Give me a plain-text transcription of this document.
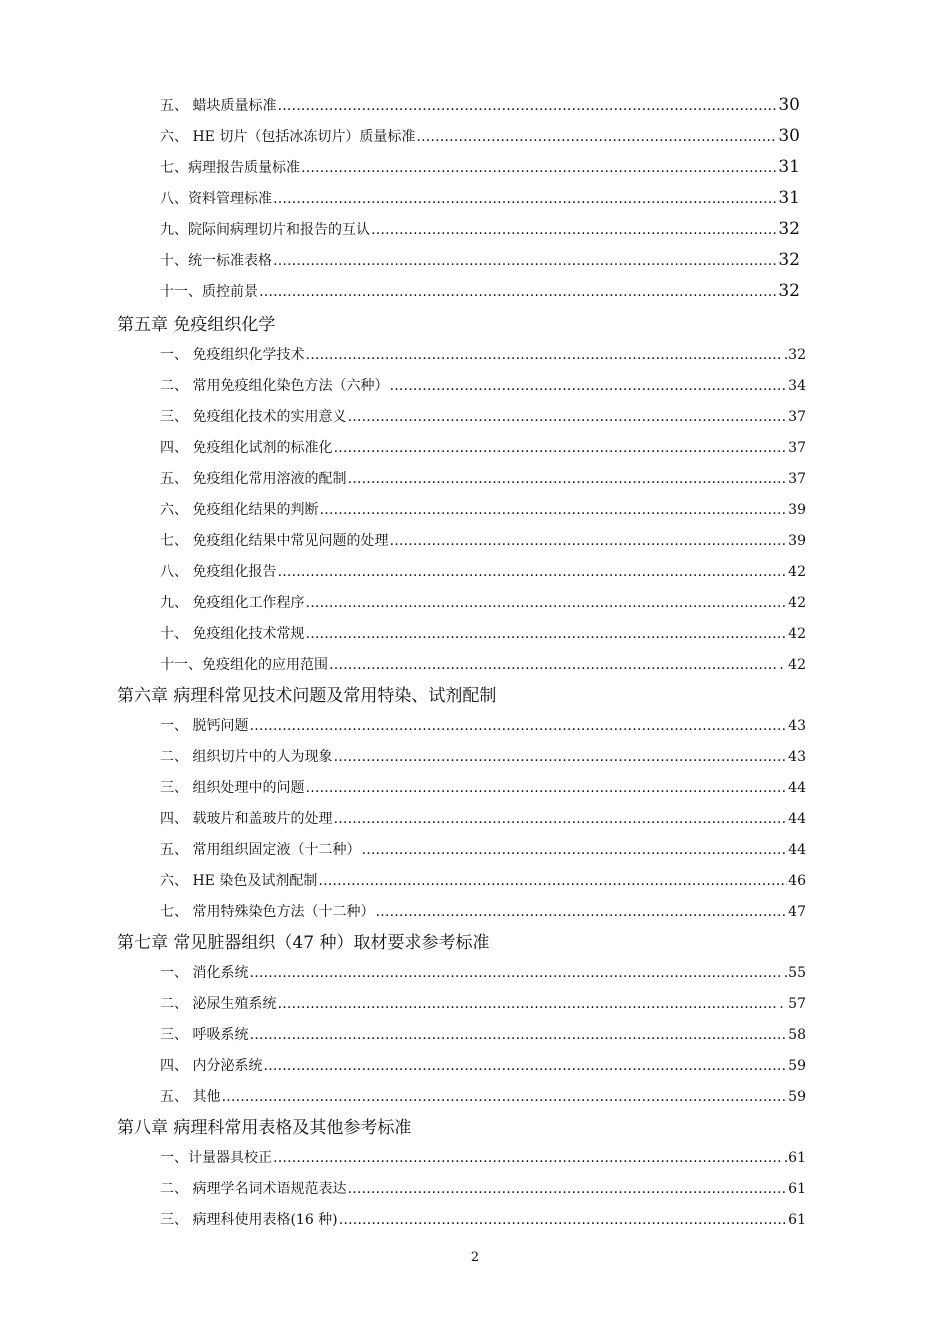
五、 蜡块质量标准 ……………………………………………………………………………………………………………………………………………………………………………………………………………………	30
六、 HE 切片（包括冰冻切片）质量标准 ……………………………………………………………………………………………………………………………………………………………………………………………………………………	30
七、病理报告质量标准 ……………………………………………………………………………………………………………………………………………………………………………………………………………………	31
八、资料管理标准 ……………………………………………………………………………………………………………………………………………………………………………………………………………………	31
九、院际间病理切片和报告的互认 ……………………………………………………………………………………………………………………………………………………………………………………………………………………	32
十、统一标准表格 ……………………………………………………………………………………………………………………………………………………………………………………………………………………	32
十一、质控前景 ……………………………………………………………………………………………………………………………………………………………………………………………………………………	32
第五章 免疫组织化学
一、 免疫组织化学技术 ……………………………………………………………………………………………………………………………………………………………………………………………………………………	.32
二、 常用免疫组化染色方法（六种） ……………………………………………………………………………………………………………………………………………………………………………………………………………………	34
三、 免疫组化技术的实用意义 ……………………………………………………………………………………………………………………………………………………………………………………………………………………	37
四、 免疫组化试剂的标准化 ……………………………………………………………………………………………………………………………………………………………………………………………………………………	37
五、 免疫组化常用溶液的配制 ……………………………………………………………………………………………………………………………………………………………………………………………………………………	37
六、 免疫组化结果的判断 ……………………………………………………………………………………………………………………………………………………………………………………………………………………	39
七、 免疫组化结果中常见问题的处理 ……………………………………………………………………………………………………………………………………………………………………………………………………………………	39
八、 免疫组化报告 ……………………………………………………………………………………………………………………………………………………………………………………………………………………	42
九、 免疫组化工作程序 ……………………………………………………………………………………………………………………………………………………………………………………………………………………	42
十、 免疫组化技术常规 ……………………………………………………………………………………………………………………………………………………………………………………………………………………	42
十一、免疫组化的应用范围 ……………………………………………………………………………………………………………………………………………………………………………………………………………………	. 42
第六章 病理科常见技术问题及常用特染、试剂配制
一、 脱钙问题 ……………………………………………………………………………………………………………………………………………………………………………………………………………………	43
二、 组织切片中的人为现象 ……………………………………………………………………………………………………………………………………………………………………………………………………………………	43
三、 组织处理中的问题 ……………………………………………………………………………………………………………………………………………………………………………………………………………………	44
四、 载玻片和盖玻片的处理 ……………………………………………………………………………………………………………………………………………………………………………………………………………………	44
五、 常用组织固定液（十二种） ……………………………………………………………………………………………………………………………………………………………………………………………………………………	44
六、 HE 染色及试剂配制 ……………………………………………………………………………………………………………………………………………………………………………………………………………………	46
七、 常用特殊染色方法（十二种） ……………………………………………………………………………………………………………………………………………………………………………………………………………………	47
第七章 常见脏器组织（47 种）取材要求参考标准
一、 消化系统 ……………………………………………………………………………………………………………………………………………………………………………………………………………………	.55
二、 泌尿生殖系统 ……………………………………………………………………………………………………………………………………………………………………………………………………………………	. 57
三、 呼吸系统 ……………………………………………………………………………………………………………………………………………………………………………………………………………………	58
四、 内分泌系统 ……………………………………………………………………………………………………………………………………………………………………………………………………………………	59
五、 其他 ……………………………………………………………………………………………………………………………………………………………………………………………………………………	59
第八章 病理科常用表格及其他参考标准
一、计量器具校正 ……………………………………………………………………………………………………………………………………………………………………………………………………………………	.61
二、 病理学名词术语规范表达 ……………………………………………………………………………………………………………………………………………………………………………………………………………………	61
三、 病理科使用表格(16 种) ……………………………………………………………………………………………………………………………………………………………………………………………………………………	61
2
